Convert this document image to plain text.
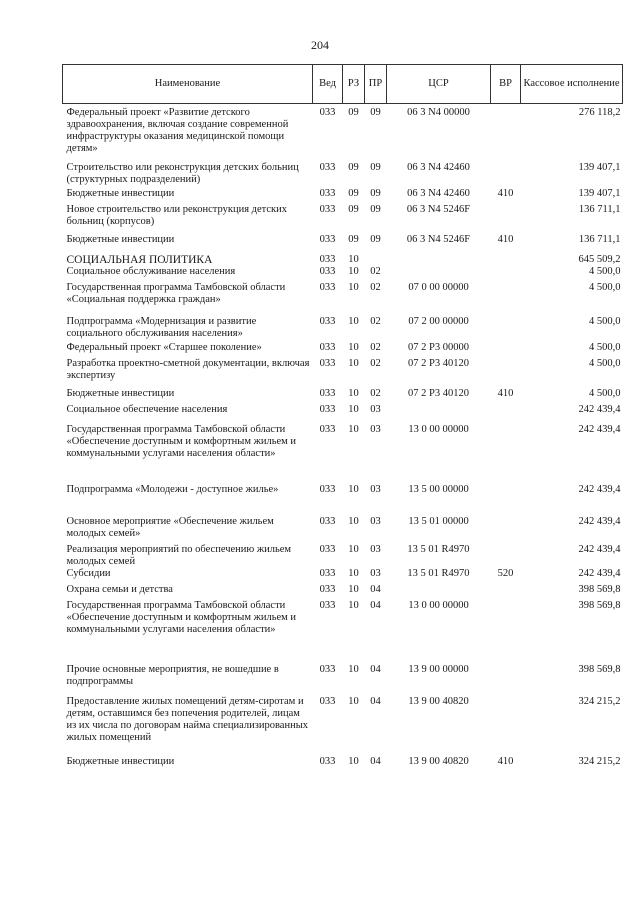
204
Наименование	Вед	РЗ	ПР	ЦСР	ВР	Кассовое исполнение
Федеральный проект «Развитие детского здравоохранения, включая создание современной инфраструктуры оказания медицинской помощи детям»	033	09	09	06 3 N4 00000		276 118,2
Строительство или реконструкция детских больниц (структурных подразделений)	033	09	09	06 3 N4 42460		139 407,1
Бюджетные инвестиции	033	09	09	06 3 N4 42460	410	139 407,1
Новое строительство или реконструкция детских больниц (корпусов)	033	09	09	06 3 N4 5246F		136 711,1
Бюджетные инвестиции	033	09	09	06 3 N4 5246F	410	136 711,1
СОЦИАЛЬНАЯ ПОЛИТИКА	033	10				645 509,2
Социальное обслуживание населения	033	10	02			4 500,0
Государственная программа Тамбовской области «Социальная поддержка граждан»	033	10	02	07 0 00 00000		4 500,0
Подпрограмма «Модернизация и развитие социального обслуживания населения»	033	10	02	07 2 00 00000		4 500,0
Федеральный проект «Старшее поколение»	033	10	02	07 2 P3 00000		4 500,0
Разработка проектно-сметной документации, включая экспертизу	033	10	02	07 2 P3 40120		4 500,0
Бюджетные инвестиции	033	10	02	07 2 P3 40120	410	4 500,0
Социальное обеспечение населения	033	10	03			242 439,4
Государственная программа Тамбовской области «Обеспечение доступным и комфортным жильем и коммунальными услугами населения области»	033	10	03	13 0 00 00000		242 439,4
Подпрограмма «Молодежи - доступное жилье»	033	10	03	13 5 00 00000		242 439,4
Основное мероприятие «Обеспечение жильем молодых семей»	033	10	03	13 5 01 00000		242 439,4
Реализация мероприятий по обеспечению жильем молодых семей	033	10	03	13 5 01 R4970		242 439,4
Субсидии	033	10	03	13 5 01 R4970	520	242 439,4
Охрана семьи и детства	033	10	04			398 569,8
Государственная программа Тамбовской области «Обеспечение доступным и комфортным жильем и коммунальными услугами населения области»	033	10	04	13 0 00 00000		398 569,8
Прочие основные мероприятия, не вошедшие в подпрограммы	033	10	04	13 9 00 00000		398 569,8
Предоставление жилых помещений детям-сиротам и детям, оставшимся без попечения родителей, лицам из их числа по договорам найма специализированных жилых помещений	033	10	04	13 9 00 40820		324 215,2
Бюджетные инвестиции	033	10	04	13 9 00 40820	410	324 215,2
